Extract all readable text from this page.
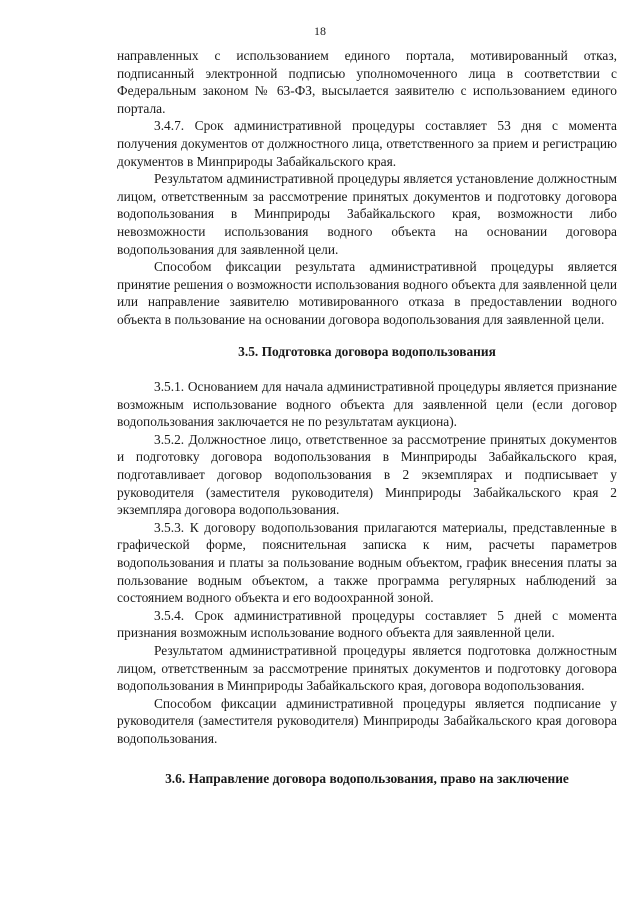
18

направленных с использованием единого портала, мотивированный отказ, подписанный электронной подписью уполномоченного лица в соответствии с Федеральным законом № 63-ФЗ, высылается заявителю с использованием единого портала.

3.4.7. Срок административной процедуры составляет 53 дня с момента получения документов от должностного лица, ответственного за прием и регистрацию документов в Минприроды Забайкальского края.

Результатом административной процедуры является установление должностным лицом, ответственным за рассмотрение принятых документов и подготовку договора водопользования в Минприроды Забайкальского края, возможности либо невозможности использования водного объекта на основании договора водопользования для заявленной цели.

Способом фиксации результата административной процедуры является принятие решения о возможности использования водного объекта для заявленной цели или направление заявителю мотивированного отказа в предоставлении водного объекта в пользование на основании договора водопользования для заявленной цели.

3.5. Подготовка договора водопользования

3.5.1. Основанием для начала административной процедуры является признание возможным использование водного объекта для заявленной цели (если договор водопользования заключается не по результатам аукциона).

3.5.2. Должностное лицо, ответственное за рассмотрение принятых документов и подготовку договора водопользования в Минприроды Забайкальского края, подготавливает договор водопользования в 2 экземплярах и подписывает у руководителя (заместителя руководителя) Минприроды Забайкальского края 2 экземпляра договора водопользования.

3.5.3. К договору водопользования прилагаются материалы, представленные в графической форме, пояснительная записка к ним, расчеты параметров водопользования и платы за пользование водным объектом, график внесения платы за пользование водным объектом, а также программа регулярных наблюдений за состоянием водного объекта и его водоохранной зоной.

3.5.4. Срок административной процедуры составляет 5 дней с момента признания возможным использование водного объекта для заявленной цели.

Результатом административной процедуры является подготовка должностным лицом, ответственным за рассмотрение принятых документов и подготовку договора водопользования в Минприроды Забайкальского края, договора водопользования.

Способом фиксации административной процедуры является подписание у руководителя (заместителя руководителя) Минприроды Забайкальского края договора водопользования.

3.6. Направление договора водопользования, право на заключение
